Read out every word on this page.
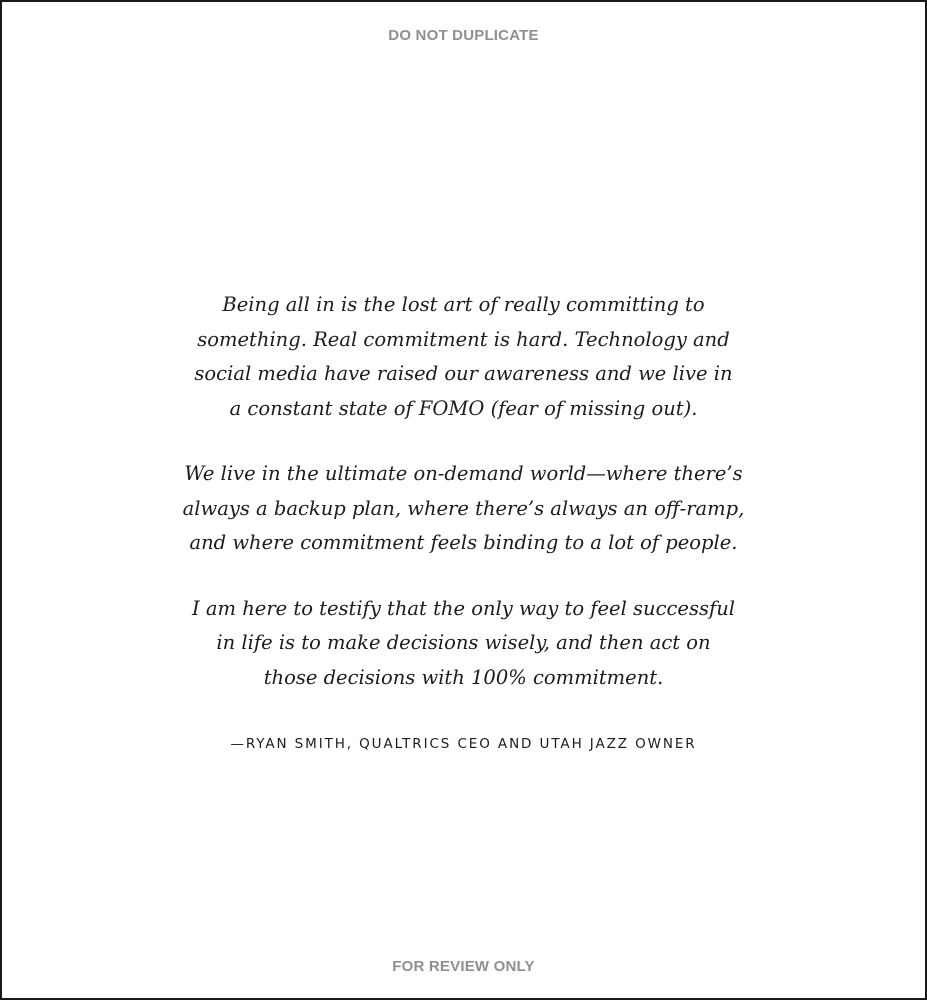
DO NOT DUPLICATE

Being all in is the lost art of really committing to
something. Real commitment is hard. Technology and
social media have raised our awareness and we live in
a constant state of FOMO (fear of missing out).

We live in the ultimate on-demand world—where there’s
always a backup plan, where there’s always an off-ramp,
and where commitment feels binding to a lot of people.

I am here to testify that the only way to feel successful
in life is to make decisions wisely, and then act on
those decisions with 100% commitment.

—RYAN SMITH, QUALTRICS CEO AND UTAH JAZZ OWNER
FOR REVIEW ONLY
